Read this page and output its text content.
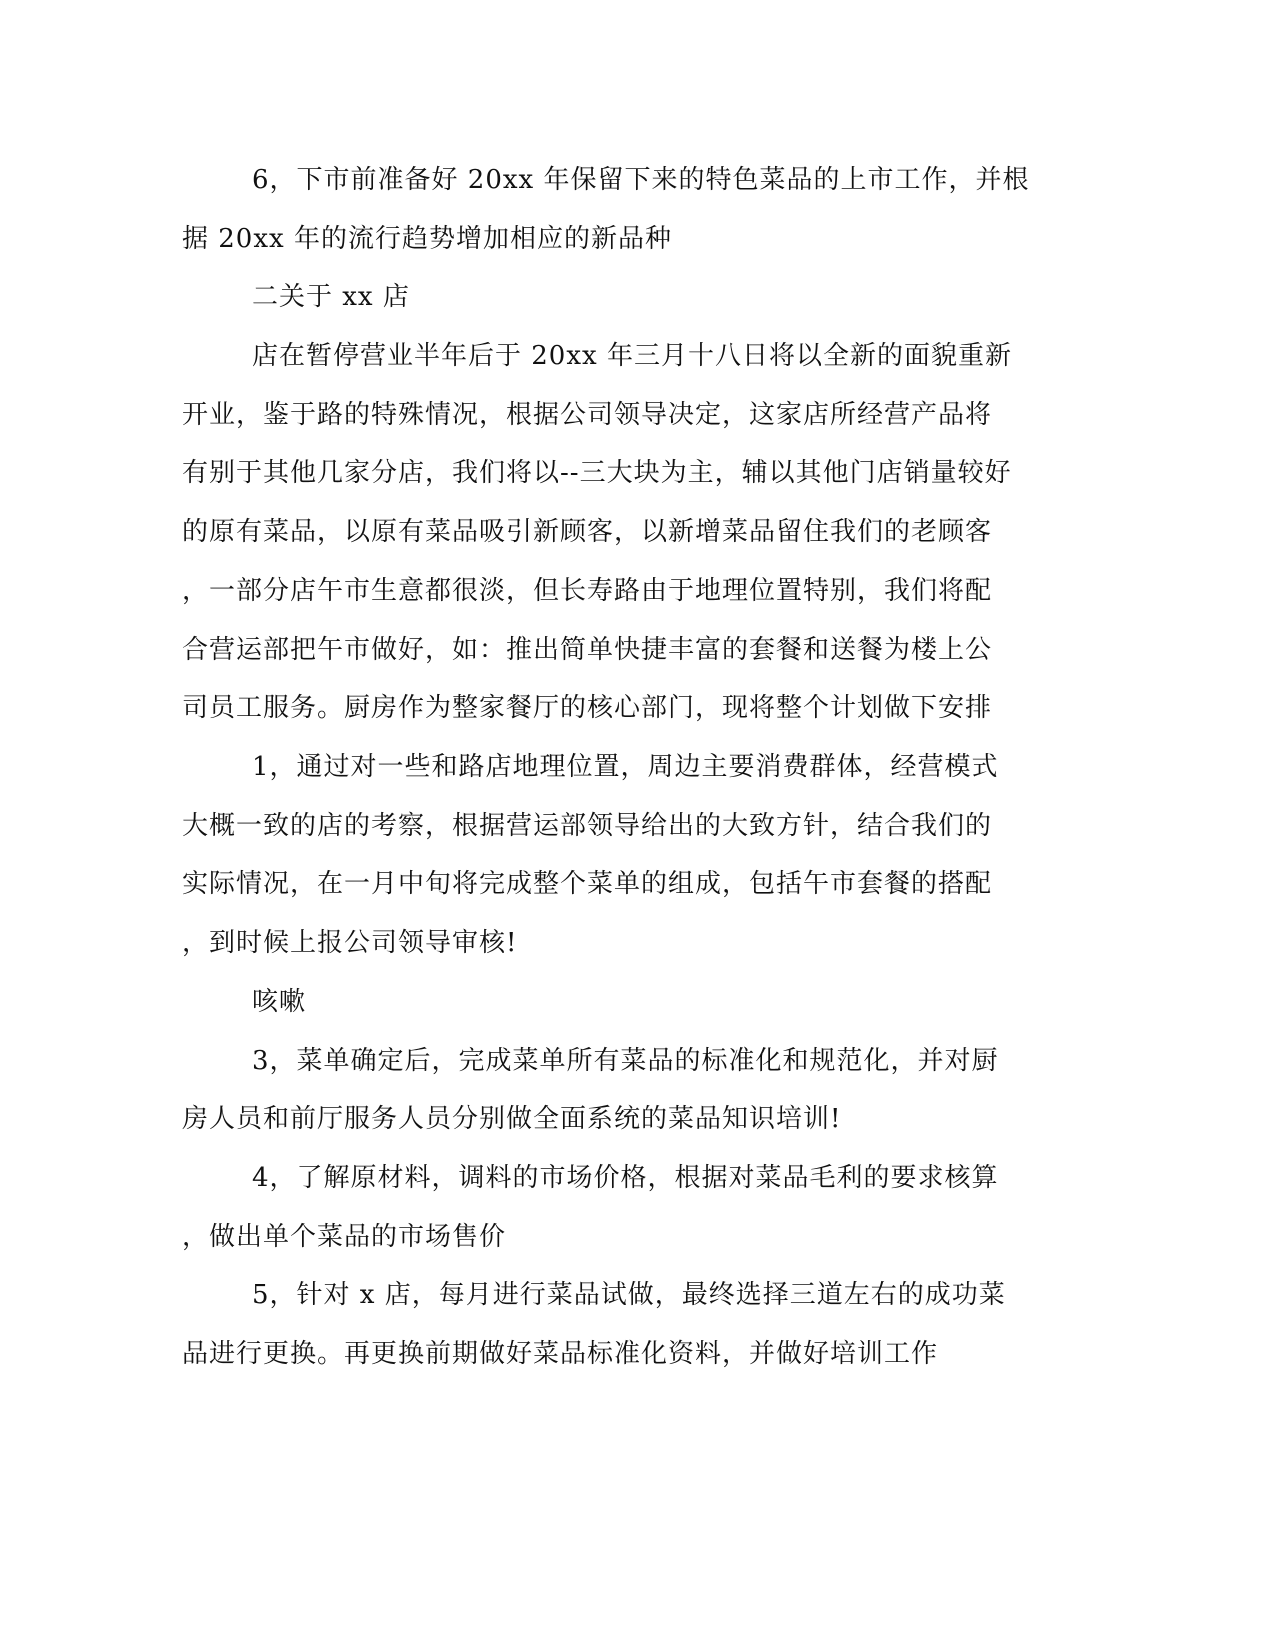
6，下市前准备好 20xx 年保留下来的特色菜品的上市工作，并根
据 20xx 年的流行趋势增加相应的新品种
二关于 xx 店
店在暂停营业半年后于 20xx 年三月十八日将以全新的面貌重新
开业，鉴于路的特殊情况，根据公司领导决定，这家店所经营产品将
有别于其他几家分店，我们将以--三大块为主，辅以其他门店销量较好
的原有菜品，以原有菜品吸引新顾客，以新增菜品留住我们的老顾客
，一部分店午市生意都很淡，但长寿路由于地理位置特别，我们将配
合营运部把午市做好，如：推出简单快捷丰富的套餐和送餐为楼上公
司员工服务。厨房作为整家餐厅的核心部门，现将整个计划做下安排
1，通过对一些和路店地理位置，周边主要消费群体，经营模式
大概一致的店的考察，根据营运部领导给出的大致方针，结合我们的
实际情况，在一月中旬将完成整个菜单的组成，包括午市套餐的搭配
，到时候上报公司领导审核!
咳嗽
3，菜单确定后，完成菜单所有菜品的标准化和规范化，并对厨
房人员和前厅服务人员分别做全面系统的菜品知识培训!
4，了解原材料，调料的市场价格，根据对菜品毛利的要求核算
，做出单个菜品的市场售价
5，针对 x 店，每月进行菜品试做，最终选择三道左右的成功菜
品进行更换。再更换前期做好菜品标准化资料，并做好培训工作
